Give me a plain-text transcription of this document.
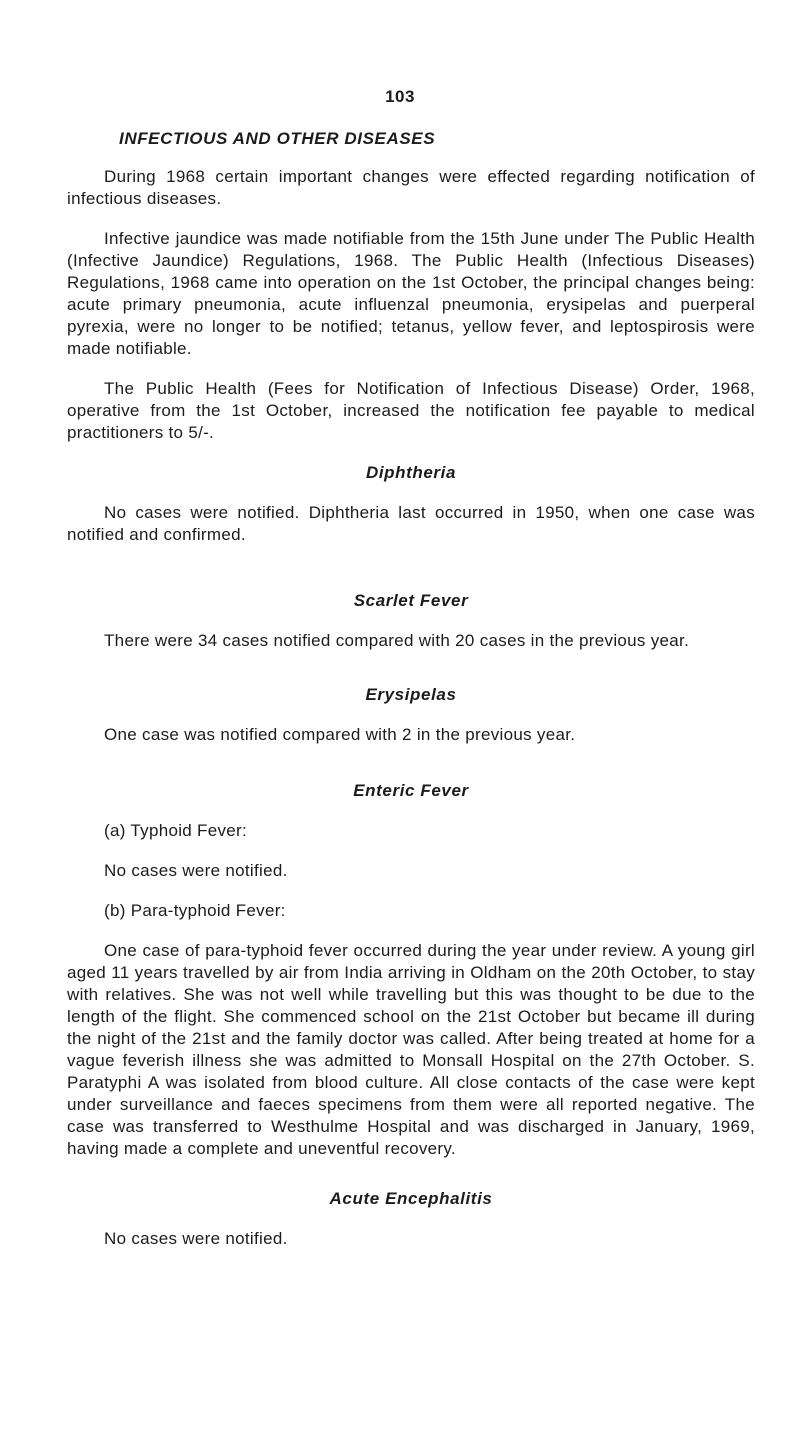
103

INFECTIOUS AND OTHER DISEASES

During 1968 certain important changes were effected regarding notification of infectious diseases.

Infective jaundice was made notifiable from the 15th June under The Public Health (Infective Jaundice) Regulations, 1968. The Public Health (Infectious Diseases) Regulations, 1968 came into operation on the 1st October, the principal changes being: acute primary pneumonia, acute influenzal pneumonia, erysipelas and puerperal pyrexia, were no longer to be notified; tetanus, yellow fever, and leptospirosis were made notifiable.

The Public Health (Fees for Notification of Infectious Disease) Order, 1968, operative from the 1st October, increased the notification fee payable to medical practitioners to 5/-.

Diphtheria

No cases were notified. Diphtheria last occurred in 1950, when one case was notified and confirmed.

Scarlet Fever

There were 34 cases notified compared with 20 cases in the previous year.

Erysipelas

One case was notified compared with 2 in the previous year.

Enteric Fever

(a) Typhoid Fever:

No cases were notified.

(b) Para-typhoid Fever:

One case of para-typhoid fever occurred during the year under review. A young girl aged 11 years travelled by air from India arriving in Oldham on the 20th October, to stay with relatives. She was not well while travelling but this was thought to be due to the length of the flight. She commenced school on the 21st October but became ill during the night of the 21st and the family doctor was called. After being treated at home for a vague feverish illness she was admitted to Monsall Hospital on the 27th October. S. Paratyphi A was isolated from blood culture. All close contacts of the case were kept under surveillance and faeces specimens from them were all reported negative. The case was transferred to Westhulme Hospital and was discharged in January, 1969, having made a complete and uneventful recovery.

Acute Encephalitis

No cases were notified.
